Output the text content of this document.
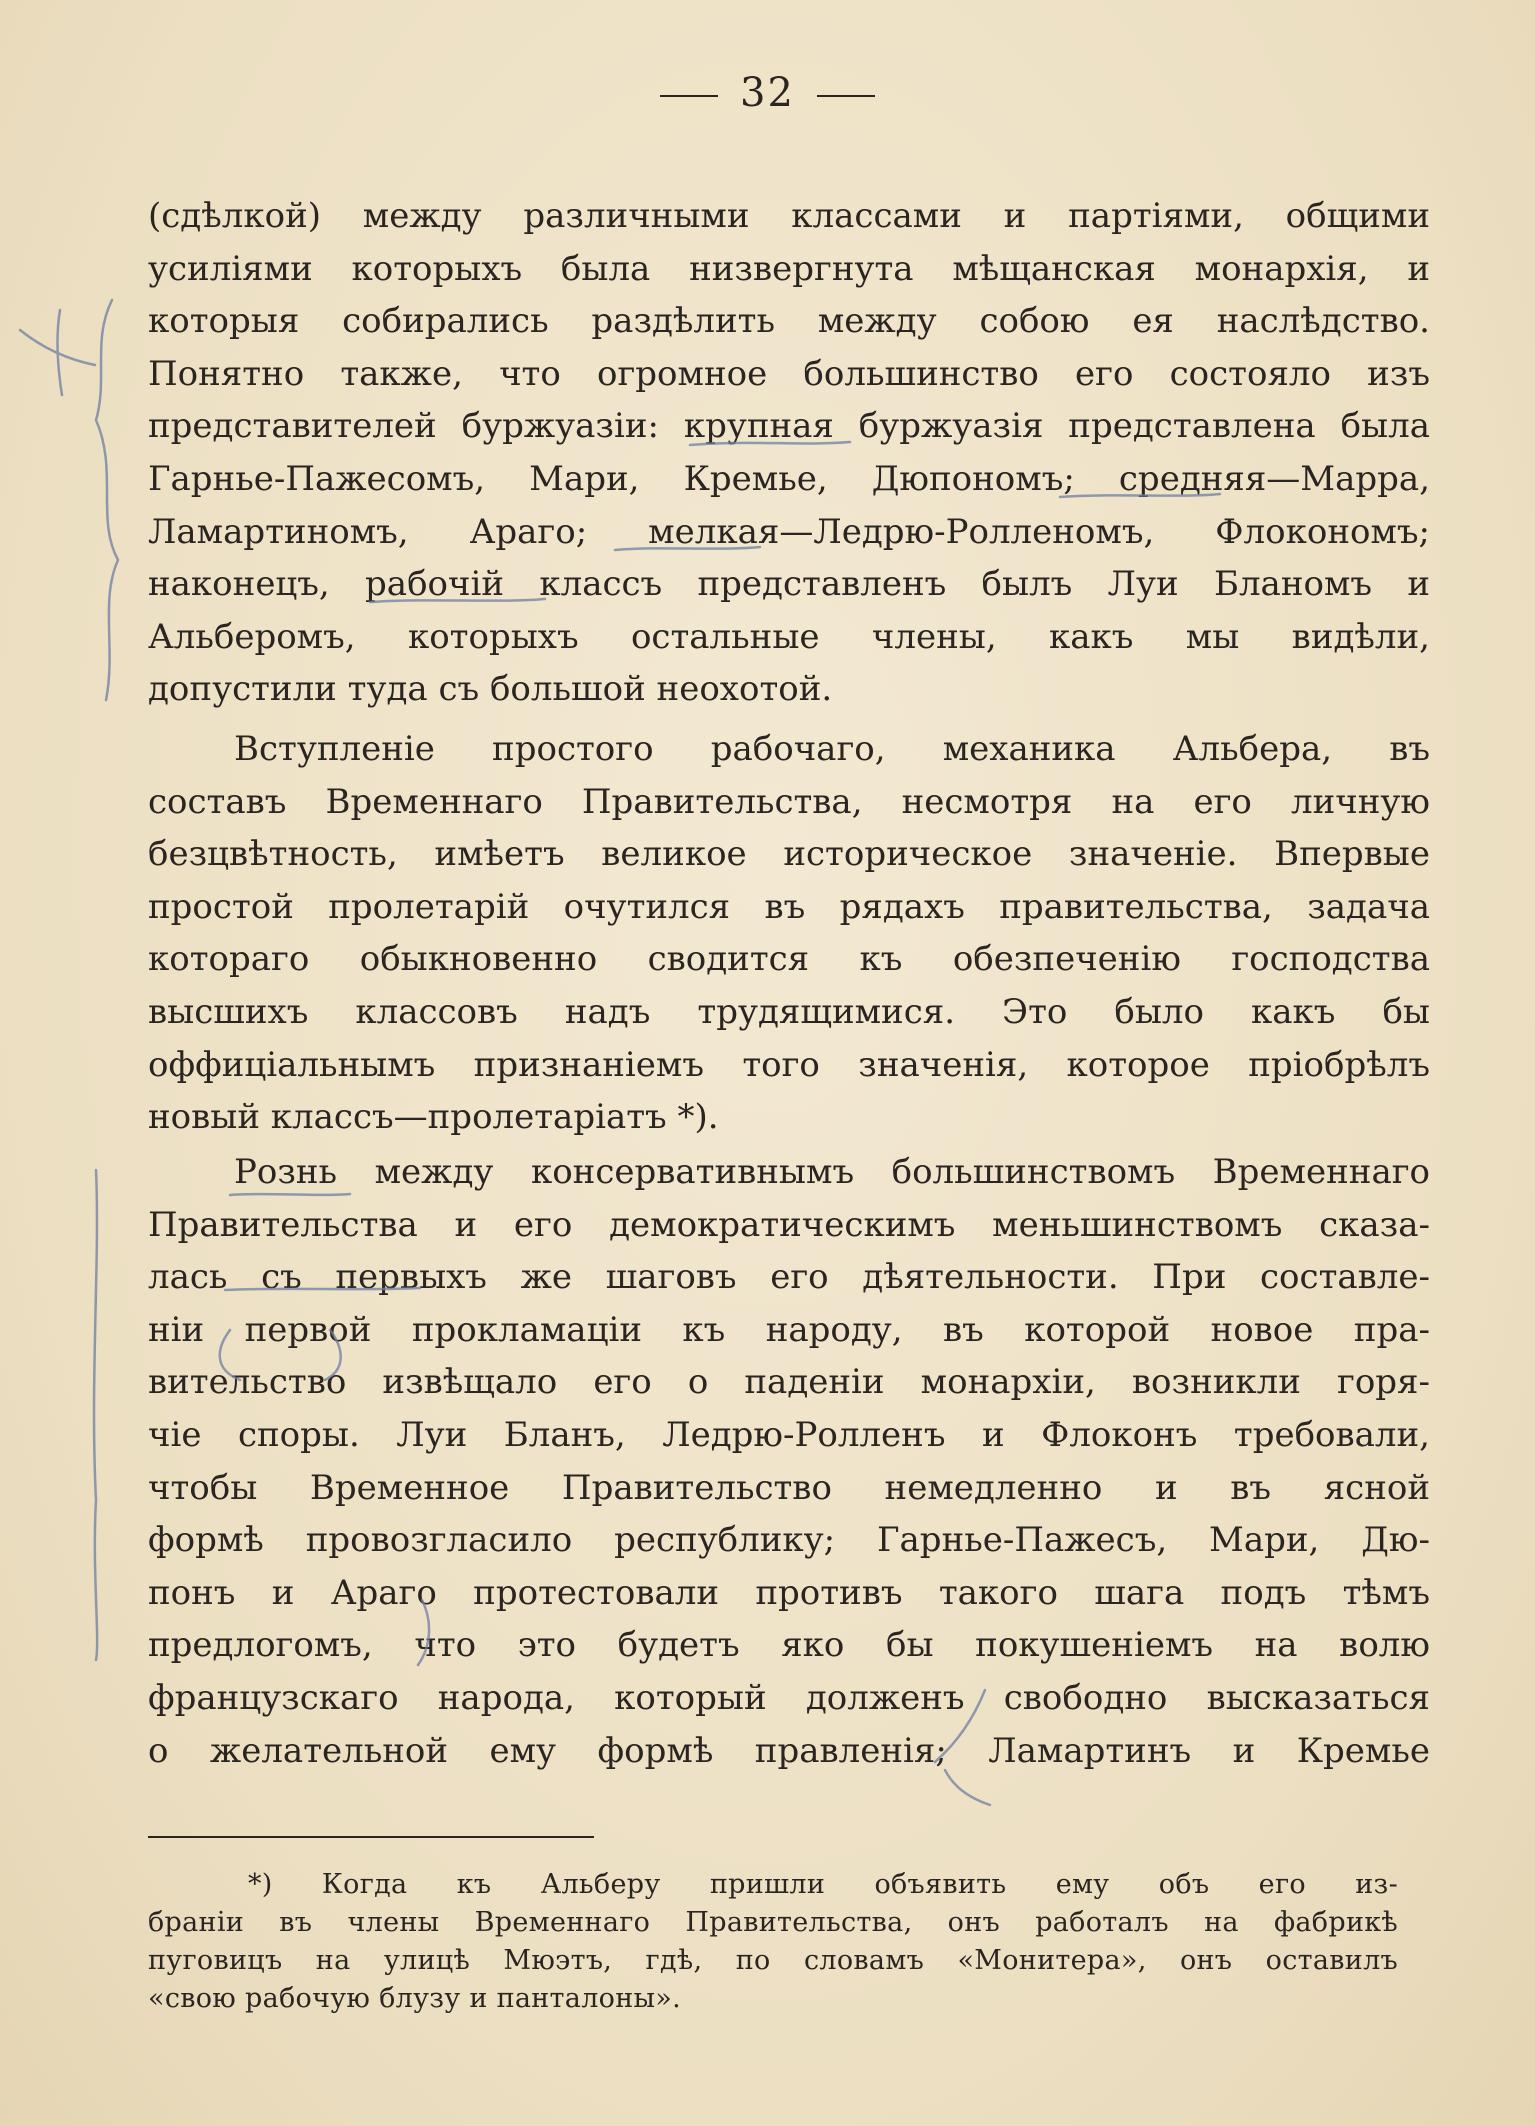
32
(сдѣлкой) между различными классами и партіями, общими
усиліями которыхъ была низвергнута мѣщанская монархія, и
которыя собирались раздѣлить между собою ея наслѣдство.
Понятно также, что огромное большинство его состояло изъ
представителей буржуазіи: крупная буржуазія представлена была
Гарнье-Пажесомъ, Мари, Кремье, Дюпономъ; средняя—Марра,
Ламартиномъ, Араго; мелкая—Ледрю-Ролленомъ, Флокономъ;
наконецъ, рабочій классъ представленъ былъ Луи Бланомъ и
Альберомъ, которыхъ остальные члены, какъ мы видѣли,
допустили туда съ большой неохотой.
Вступленіе простого рабочаго, механика Альбера, въ
составъ Временнаго Правительства, несмотря на его личную
безцвѣтность, имѣетъ великое историческое значеніе. Впервые
простой пролетарій очутился въ рядахъ правительства, задача
котораго обыкновенно сводится къ обезпеченію господства
высшихъ классовъ надъ трудящимися. Это было какъ бы
оффиціальнымъ признаніемъ того значенія, которое пріобрѣлъ
новый классъ—пролетаріатъ *).
Рознь между консервативнымъ большинствомъ Временнаго
Правительства и его демократическимъ меньшинствомъ сказа-
лась съ первыхъ же шаговъ его дѣятельности. При составле-
ніи первой прокламаціи къ народу, въ которой новое пра-
вительство извѣщало его о паденіи монархіи, возникли горя-
чіе споры. Луи Бланъ, Ледрю-Ролленъ и Флоконъ требовали,
чтобы Временное Правительство немедленно и въ ясной
формѣ провозгласило республику; Гарнье-Пажесъ, Мари, Дю-
понъ и Араго протестовали противъ такого шага подъ тѣмъ
предлогомъ, что это будетъ яко бы покушеніемъ на волю
французскаго народа, который долженъ свободно высказаться
о желательной ему формѣ правленія; Ламартинъ и Кремье
*) Когда къ Альберу пришли объявить ему объ его из-
браніи въ члены Временнаго Правительства, онъ работалъ на фабрикѣ
пуговицъ на улицѣ Мюэтъ, гдѣ, по словамъ «Монитера», онъ оставилъ
«свою рабочую блузу и панталоны».
